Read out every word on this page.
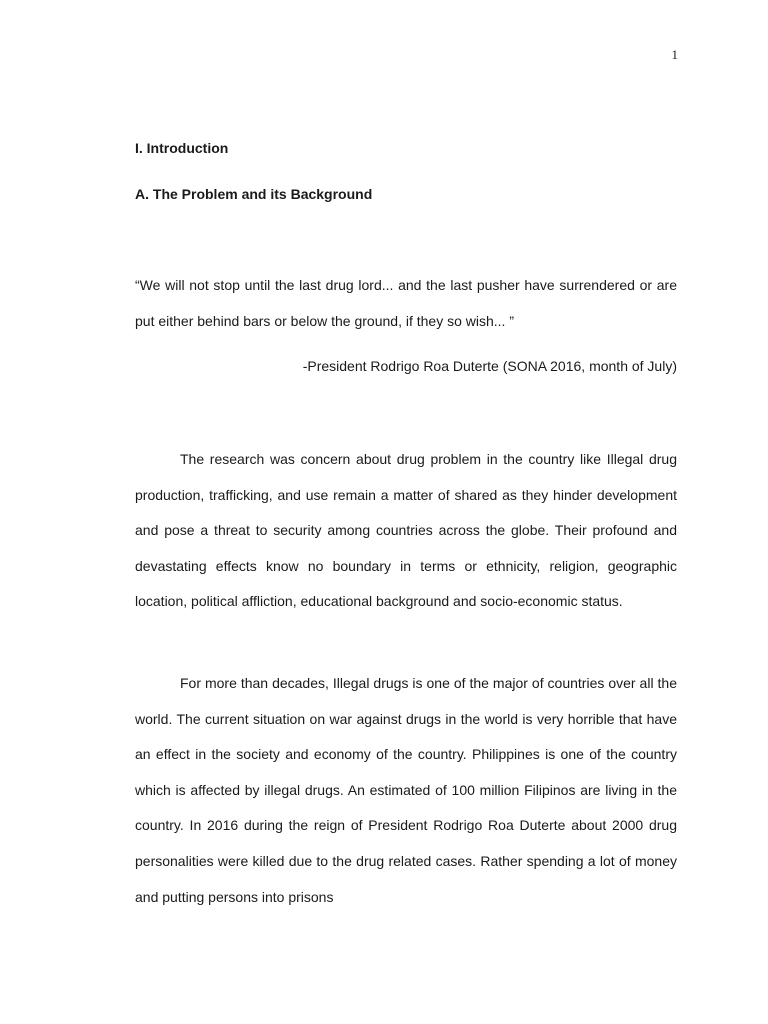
1
I. Introduction
A. The Problem and its Background
“We will not stop until the last drug lord... and the last pusher have surrendered or are put either behind bars or below the ground, if they so wish... ”
-President Rodrigo Roa Duterte (SONA 2016, month of July)

The research was concern about drug problem in the country like Illegal drug production, trafficking, and use remain a matter of shared as they hinder development and pose a threat to security among countries across the globe. Their profound and devastating effects know no boundary in terms or ethnicity, religion, geographic location, political affliction, educational background and socio-economic status.

For more than decades, Illegal drugs is one of the major of countries over all the world. The current situation on war against drugs in the world is very horrible that have an effect in the society and economy of the country. Philippines is one of the country which is affected by illegal drugs. An estimated of 100 million Filipinos are living in the country. In 2016 during the reign of President Rodrigo Roa Duterte about 2000 drug personalities were killed due to the drug related cases. Rather spending a lot of money and putting persons into prisons
